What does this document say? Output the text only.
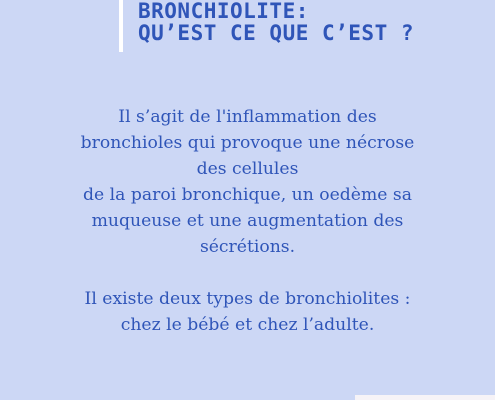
BRONCHIOLITE:
QU’EST CE QUE C’EST ?

Il s’agit de l'inflammation des
bronchioles qui provoque une nécrose
des cellules
de la paroi bronchique, un oedème sa
muqueuse et une augmentation des
sécrétions.

Il existe deux types de bronchiolites :
chez le bébé et chez l’adulte.
